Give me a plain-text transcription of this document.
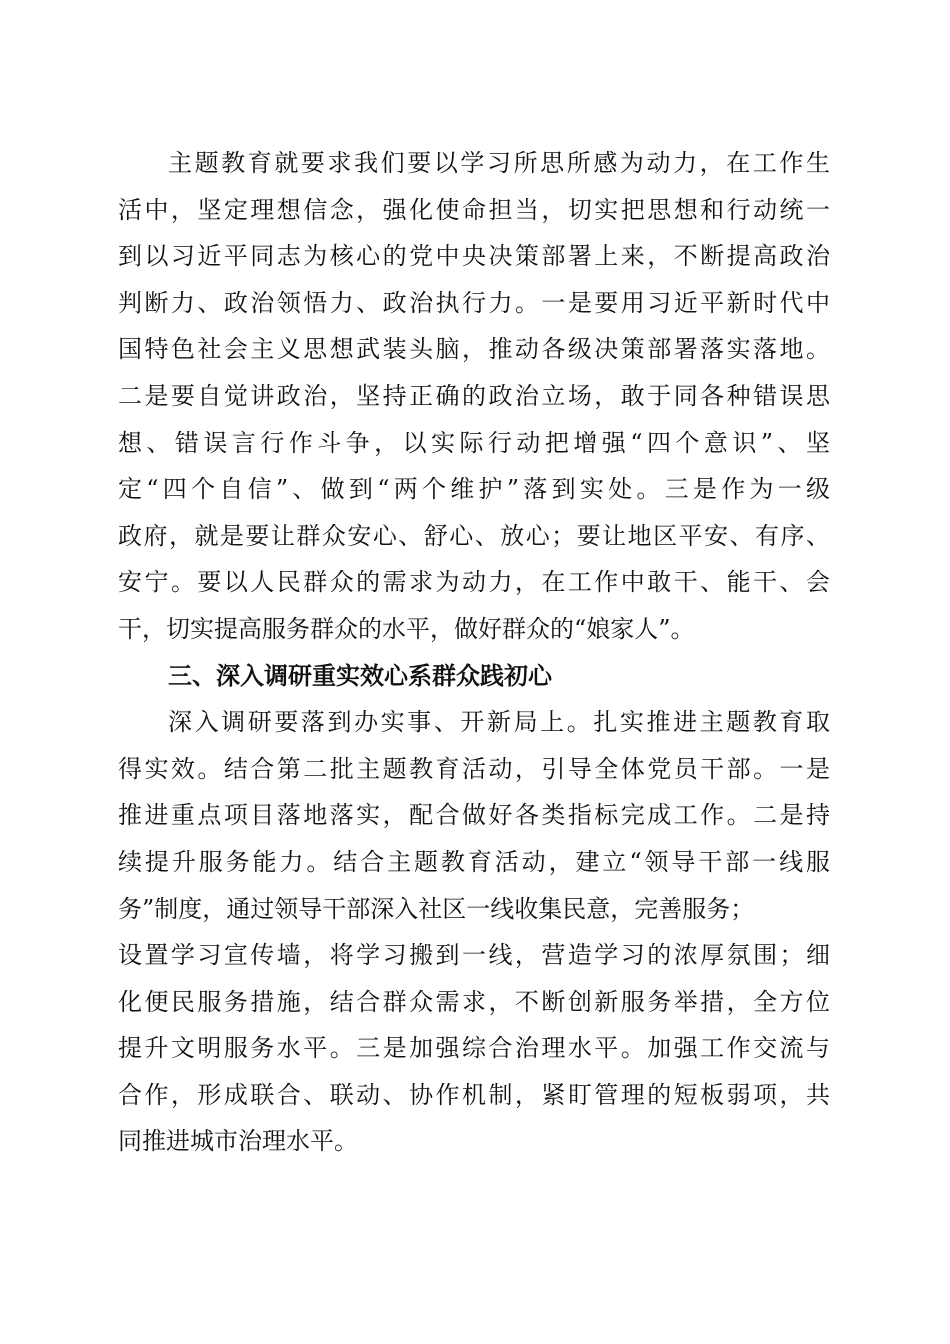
主题教育就要求我们要以学习所思所感为动力，在工作生
活中，坚定理想信念，强化使命担当，切实把思想和行动统一
到以习近平同志为核心的党中央决策部署上来，不断提高政治
判断力、政治领悟力、政治执行力。一是要用习近平新时代中
国特色社会主义思想武装头脑，推动各级决策部署落实落地。
二是要自觉讲政治，坚持正确的政治立场，敢于同各种错误思
想、错误言行作斗争，以实际行动把增强“四个意识”、坚
定“四个自信”、做到“两个维护”落到实处。三是作为一级
政府，就是要让群众安心、舒心、放心；要让地区平安、有序、
安宁。要以人民群众的需求为动力，在工作中敢干、能干、会
干，切实提高服务群众的水平，做好群众的“娘家人”。
三、深入调研重实效心系群众践初心
深入调研要落到办实事、开新局上。扎实推进主题教育取
得实效。结合第二批主题教育活动，引导全体党员干部。一是
推进重点项目落地落实，配合做好各类指标完成工作。二是持
续提升服务能力。结合主题教育活动，建立“领导干部一线服
务”制度，通过领导干部深入社区一线收集民意，完善服务；
设置学习宣传墙，将学习搬到一线，营造学习的浓厚氛围；细
化便民服务措施，结合群众需求，不断创新服务举措，全方位
提升文明服务水平。三是加强综合治理水平。加强工作交流与
合作，形成联合、联动、协作机制，紧盯管理的短板弱项，共
同推进城市治理水平。
